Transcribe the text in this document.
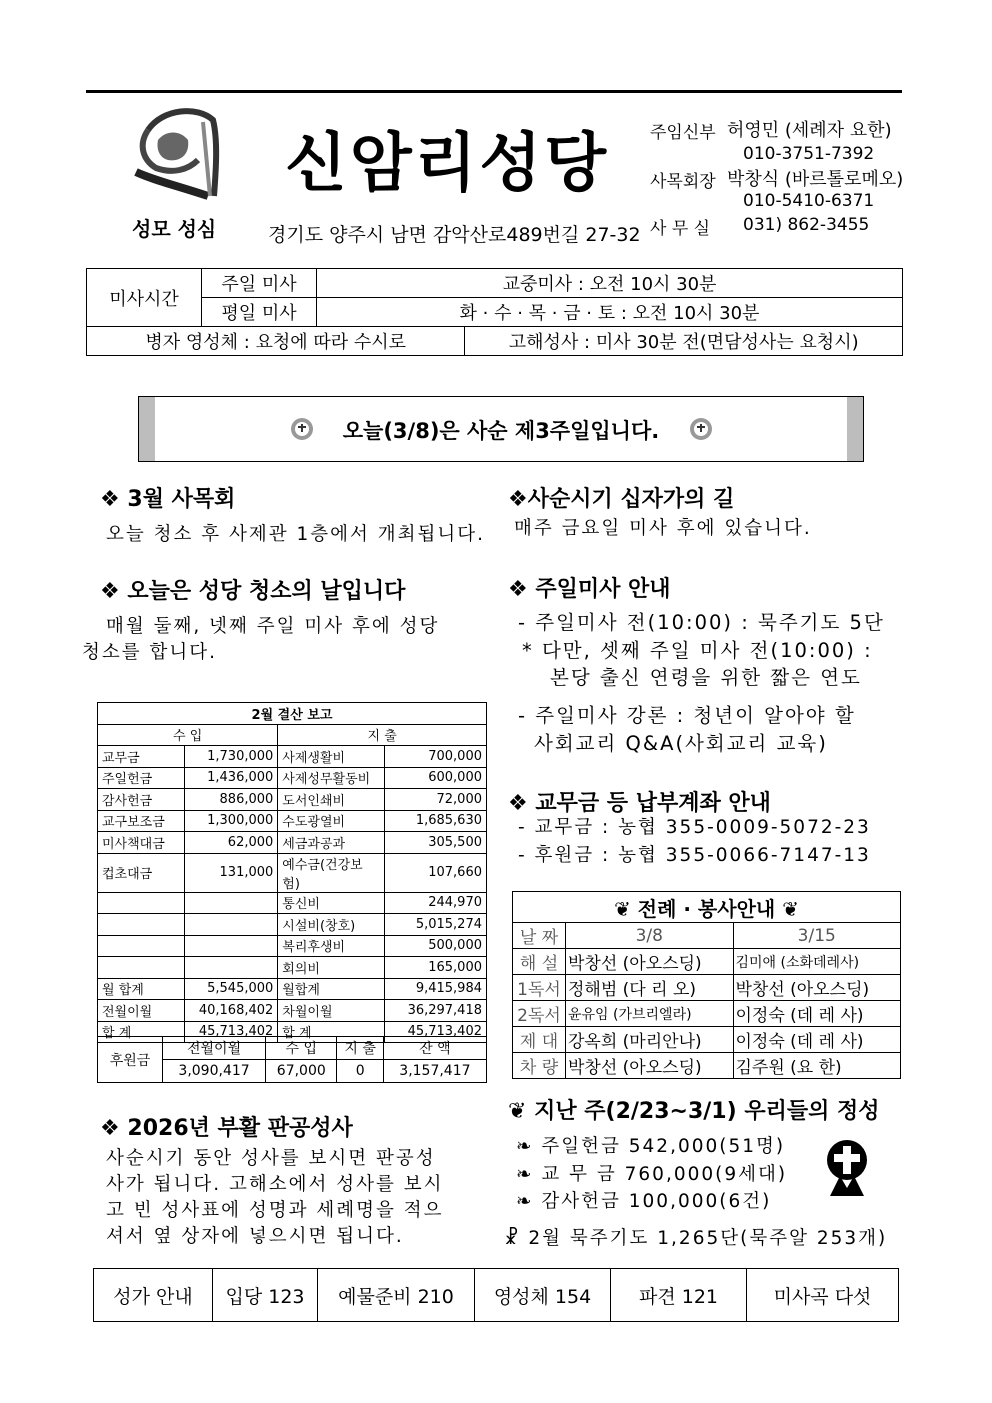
성모 성심
신암리성당
경기도 양주시 남면 감악산로489번길 27-32
주임신부 허영민 (세례자 요한)
010-3751-7392
사목회장 박창식 (바르톨로메오)
010-5410-6371
사 무 실 031) 862-3455
미사시간	주일 미사	교중미사 : 오전 10시 30분	
	평일 미사	화 · 수 · 목 · 금 · 토 : 오전 10시 30분	
병자 영성체 : 요청에 따라 수시로			고해성사 : 미사 30분 전(면담성사는 요청시)
오늘(3/8)은 사순 제3주일입니다.
❖ 3월 사목회
오늘 청소 후 사제관 1층에서 개최됩니다.
❖ 오늘은 성당 청소의 날입니다
매월 둘째, 넷째 주일 미사 후에 성당
청소를 합니다.
2월 결산 보고			
수 입		지 출	
교무금	1,730,000	사제생활비	700,000
주일헌금	1,436,000	사제성무활동비	600,000
감사헌금	886,000	도서인쇄비	72,000
교구보조금	1,300,000	수도광열비	1,685,630
미사책대금	62,000	세금과공과	305,500
컵초대금	131,000	예수금(건강보험)	107,660
		통신비	244,970
		시설비(창호)	5,015,274
		복리후생비	500,000
		회의비	165,000
월 합계	5,545,000	월합계	9,415,984
전월이월	40,168,402	차월이월	36,297,418
합 계	45,713,402	합 계	45,713,402
후원금	전월이월	수 입	지 출	잔 액
	3,090,417	67,000	0	3,157,417
❖ 2026년 부활 판공성사
사순시기 동안 성사를 보시면 판공성
사가 됩니다. 고해소에서 성사를 보시
고 빈 성사표에 성명과 세례명을 적으
셔서 옆 상자에 넣으시면 됩니다.
❖사순시기 십자가의 길
매주 금요일 미사 후에 있습니다.
❖ 주일미사 안내
- 주일미사 전(10:00) : 묵주기도 5단
* 다만, 셋째 주일 미사 전(10:00) :
본당 출신 연령을 위한 짧은 연도
- 주일미사 강론 : 청년이 알아야 할
사회교리 Q&A(사회교리 교육)
❖ 교무금 등 납부계좌 안내
- 교무금 : 농협 355-0009-5072-23
- 후원금 : 농협 355-0066-7147-13
❦ 전례 · 봉사안내 ❦		
날 짜	3/8	3/15
해 설	박창선 (아오스딩)	김미애 (소화데레사)
1독서	정해범 (다 리 오)	박창선 (아오스딩)
2독서	윤유임 (가브리엘라)	이정숙 (데 레 사)
제 대	강옥희 (마리안나)	이정숙 (데 레 사)
차 량	박창선 (아오스딩)	김주원 (요 한)
❦ 지난 주(2/23~3/1) 우리들의 정성
❧ 주일헌금 542,000(51명)
❧ 교 무 금 760,000(9세대)
❧ 감사헌금 100,000(6건)
☧ 2월 묵주기도 1,265단(묵주알 253개)
성가 안내	입당 123	예물준비 210	영성체 154	파견 121	미사곡 다섯
